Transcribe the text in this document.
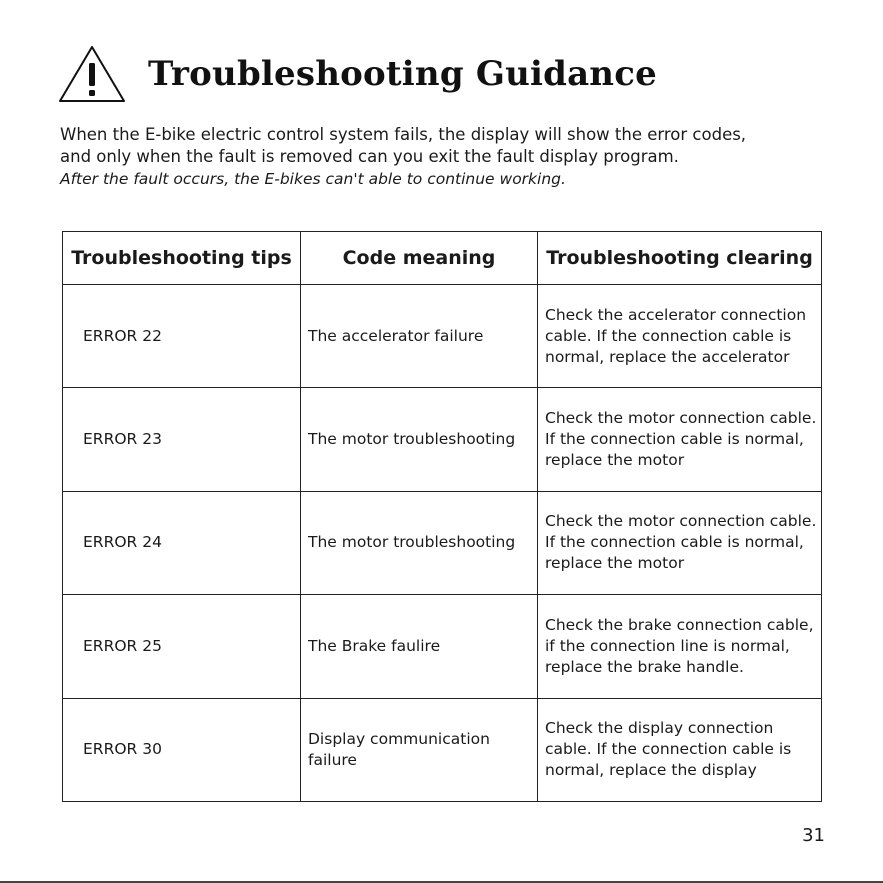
Troubleshooting Guidance

When the E-bike electric control system fails, the display will show the error codes,

and only when the fault is removed can you exit the fault display program.

After the fault occurs, the E-bikes can't able to continue working.

Troubleshooting tips	Code meaning	Troubleshooting clearing
ERROR 22	The accelerator failure	Check the accelerator connection cable. If the connection cable is normal, replace the accelerator
ERROR 23	The motor troubleshooting	Check the motor connection cable. If the connection cable is normal, replace the motor
ERROR 24	The motor troubleshooting	Check the motor connection cable. If the connection cable is normal, replace the motor
ERROR 25	The Brake faulire	Check the brake connection cable, if the connection line is normal, replace the brake handle.
ERROR 30	Display communication failure	Check the display connection cable. If the connection cable is normal, replace the display
31
